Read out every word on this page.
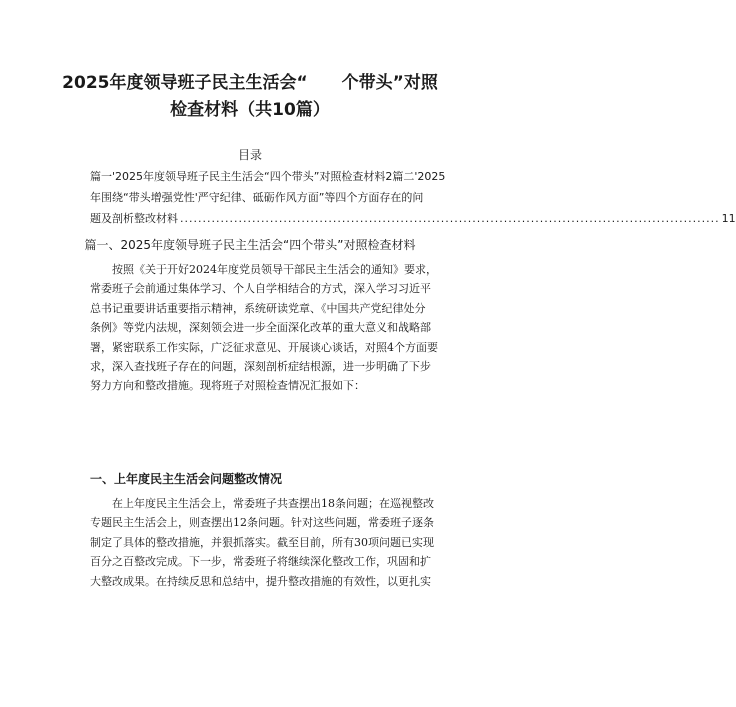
2025年度领导班子民主生活会“　　个带头”对照
检查材料（共10篇）

目录

篇一'2025年度领导班子民主生活会“四个带头”对照检查材料2篇二'2025
年围绕“带头增强党性'严守纪律、砥砺作风方面”等四个方面存在的问
题及剖析整改材料 ........................................................................................................................ 11

篇一、2025年度领导班子民主生活会“四个带头”对照检查材料

按照《关于开好2024年度党员领导干部民主生活会的通知》要求，
常委班子会前通过集体学习、个人自学相结合的方式，深入学习习近平
总书记重要讲话重要指示精神，系统研读党章、《中国共产党纪律处分
条例》等党内法规，深刻领会进一步全面深化改革的重大意义和战略部
署，紧密联系工作实际，广泛征求意见、开展谈心谈话，对照4个方面要
求，深入查找班子存在的问题，深刻剖析症结根源，进一步明确了下步
努力方向和整改措施。现将班子对照检查情况汇报如下：

一、上年度民主生活会问题整改情况

在上年度民主生活会上，常委班子共查摆出18条问题；在巡视整改
专题民主生活会上，则查摆出12条问题。针对这些问题，常委班子逐条
制定了具体的整改措施，并狠抓落实。截至目前，所有30项问题已实现
百分之百整改完成。下一步，常委班子将继续深化整改工作，巩固和扩
大整改成果。在持续反思和总结中，提升整改措施的有效性，以更扎实
